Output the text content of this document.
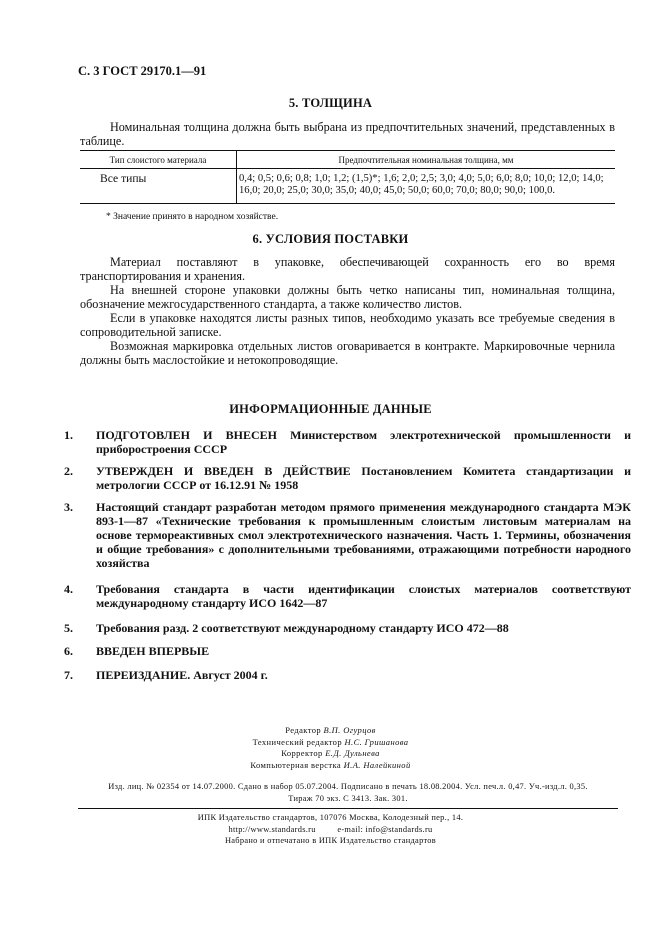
С. 3 ГОСТ 29170.1—91
5. ТОЛЩИНА
Номинальная толщина должна быть выбрана из предпочтительных значений, представленных в таблице.
Тип слоистого материала	Предпочтительная номинальная толщина, мм
Все типы	0,4; 0,5; 0,6; 0,8; 1,0; 1,2; (1,5)*; 1,6; 2,0; 2,5; 3,0; 4,0; 5,0; 6,0; 8,0; 10,0; 12,0; 14,0; 16,0; 20,0; 25,0; 30,0; 35,0; 40,0; 45,0; 50,0; 60,0; 70,0; 80,0; 90,0; 100,0.
* Значение принято в народном хозяйстве.
6. УСЛОВИЯ ПОСТАВКИ
Материал поставляют в упаковке, обеспечивающей сохранность его во время транспортирования и хранения.
На внешней стороне упаковки должны быть четко написаны тип, номинальная толщина, обозначение межгосударственного стандарта, а также количество листов.
Если в упаковке находятся листы разных типов, необходимо указать все требуемые сведения в сопроводительной записке.
Возможная маркировка отдельных листов оговаривается в контракте. Маркировочные чернила должны быть маслостойкие и нетокопроводящие.
ИНФОРМАЦИОННЫЕ ДАННЫЕ
1. ПОДГОТОВЛЕН И ВНЕСЕН Министерством электротехнической промышленности и приборостроения СССР
2. УТВЕРЖДЕН И ВВЕДЕН В ДЕЙСТВИЕ Постановлением Комитета стандартизации и метрологии СССР от 16.12.91 № 1958
3. Настоящий стандарт разработан методом прямого применения международного стандарта МЭК 893-1—87 «Технические требования к промышленным слоистым листовым материалам на основе термореактивных смол электротехнического назначения. Часть 1. Термины, обозначения и общие требования» с дополнительными требованиями, отражающими потребности народного хозяйства
4. Требования стандарта в части идентификации слоистых материалов соответствуют международному стандарту ИСО 1642—87
5. Требования разд. 2 соответствуют международному стандарту ИСО 472—88
6. ВВЕДЕН ВПЕРВЫЕ
7. ПЕРЕИЗДАНИЕ. Август 2004 г.
Редактор В.П. Огурцов
Технический редактор Н.С. Гришанова
Корректор Е.Д. Дульнева
Компьютерная верстка И.А. Налейкиной
Изд. лиц. № 02354 от 14.07.2000. Сдано в набор 05.07.2004. Подписано в печать 18.08.2004. Усл. печ.л. 0,47. Уч.-изд.л. 0,35.
Тираж 70 экз. С 3413. Зак. 301.
ИПК Издательство стандартов, 107076 Москва, Колодезный пер., 14.
http://www.standards.ru	e-mail: info@standards.ru
Набрано и отпечатано в ИПК Издательство стандартов
